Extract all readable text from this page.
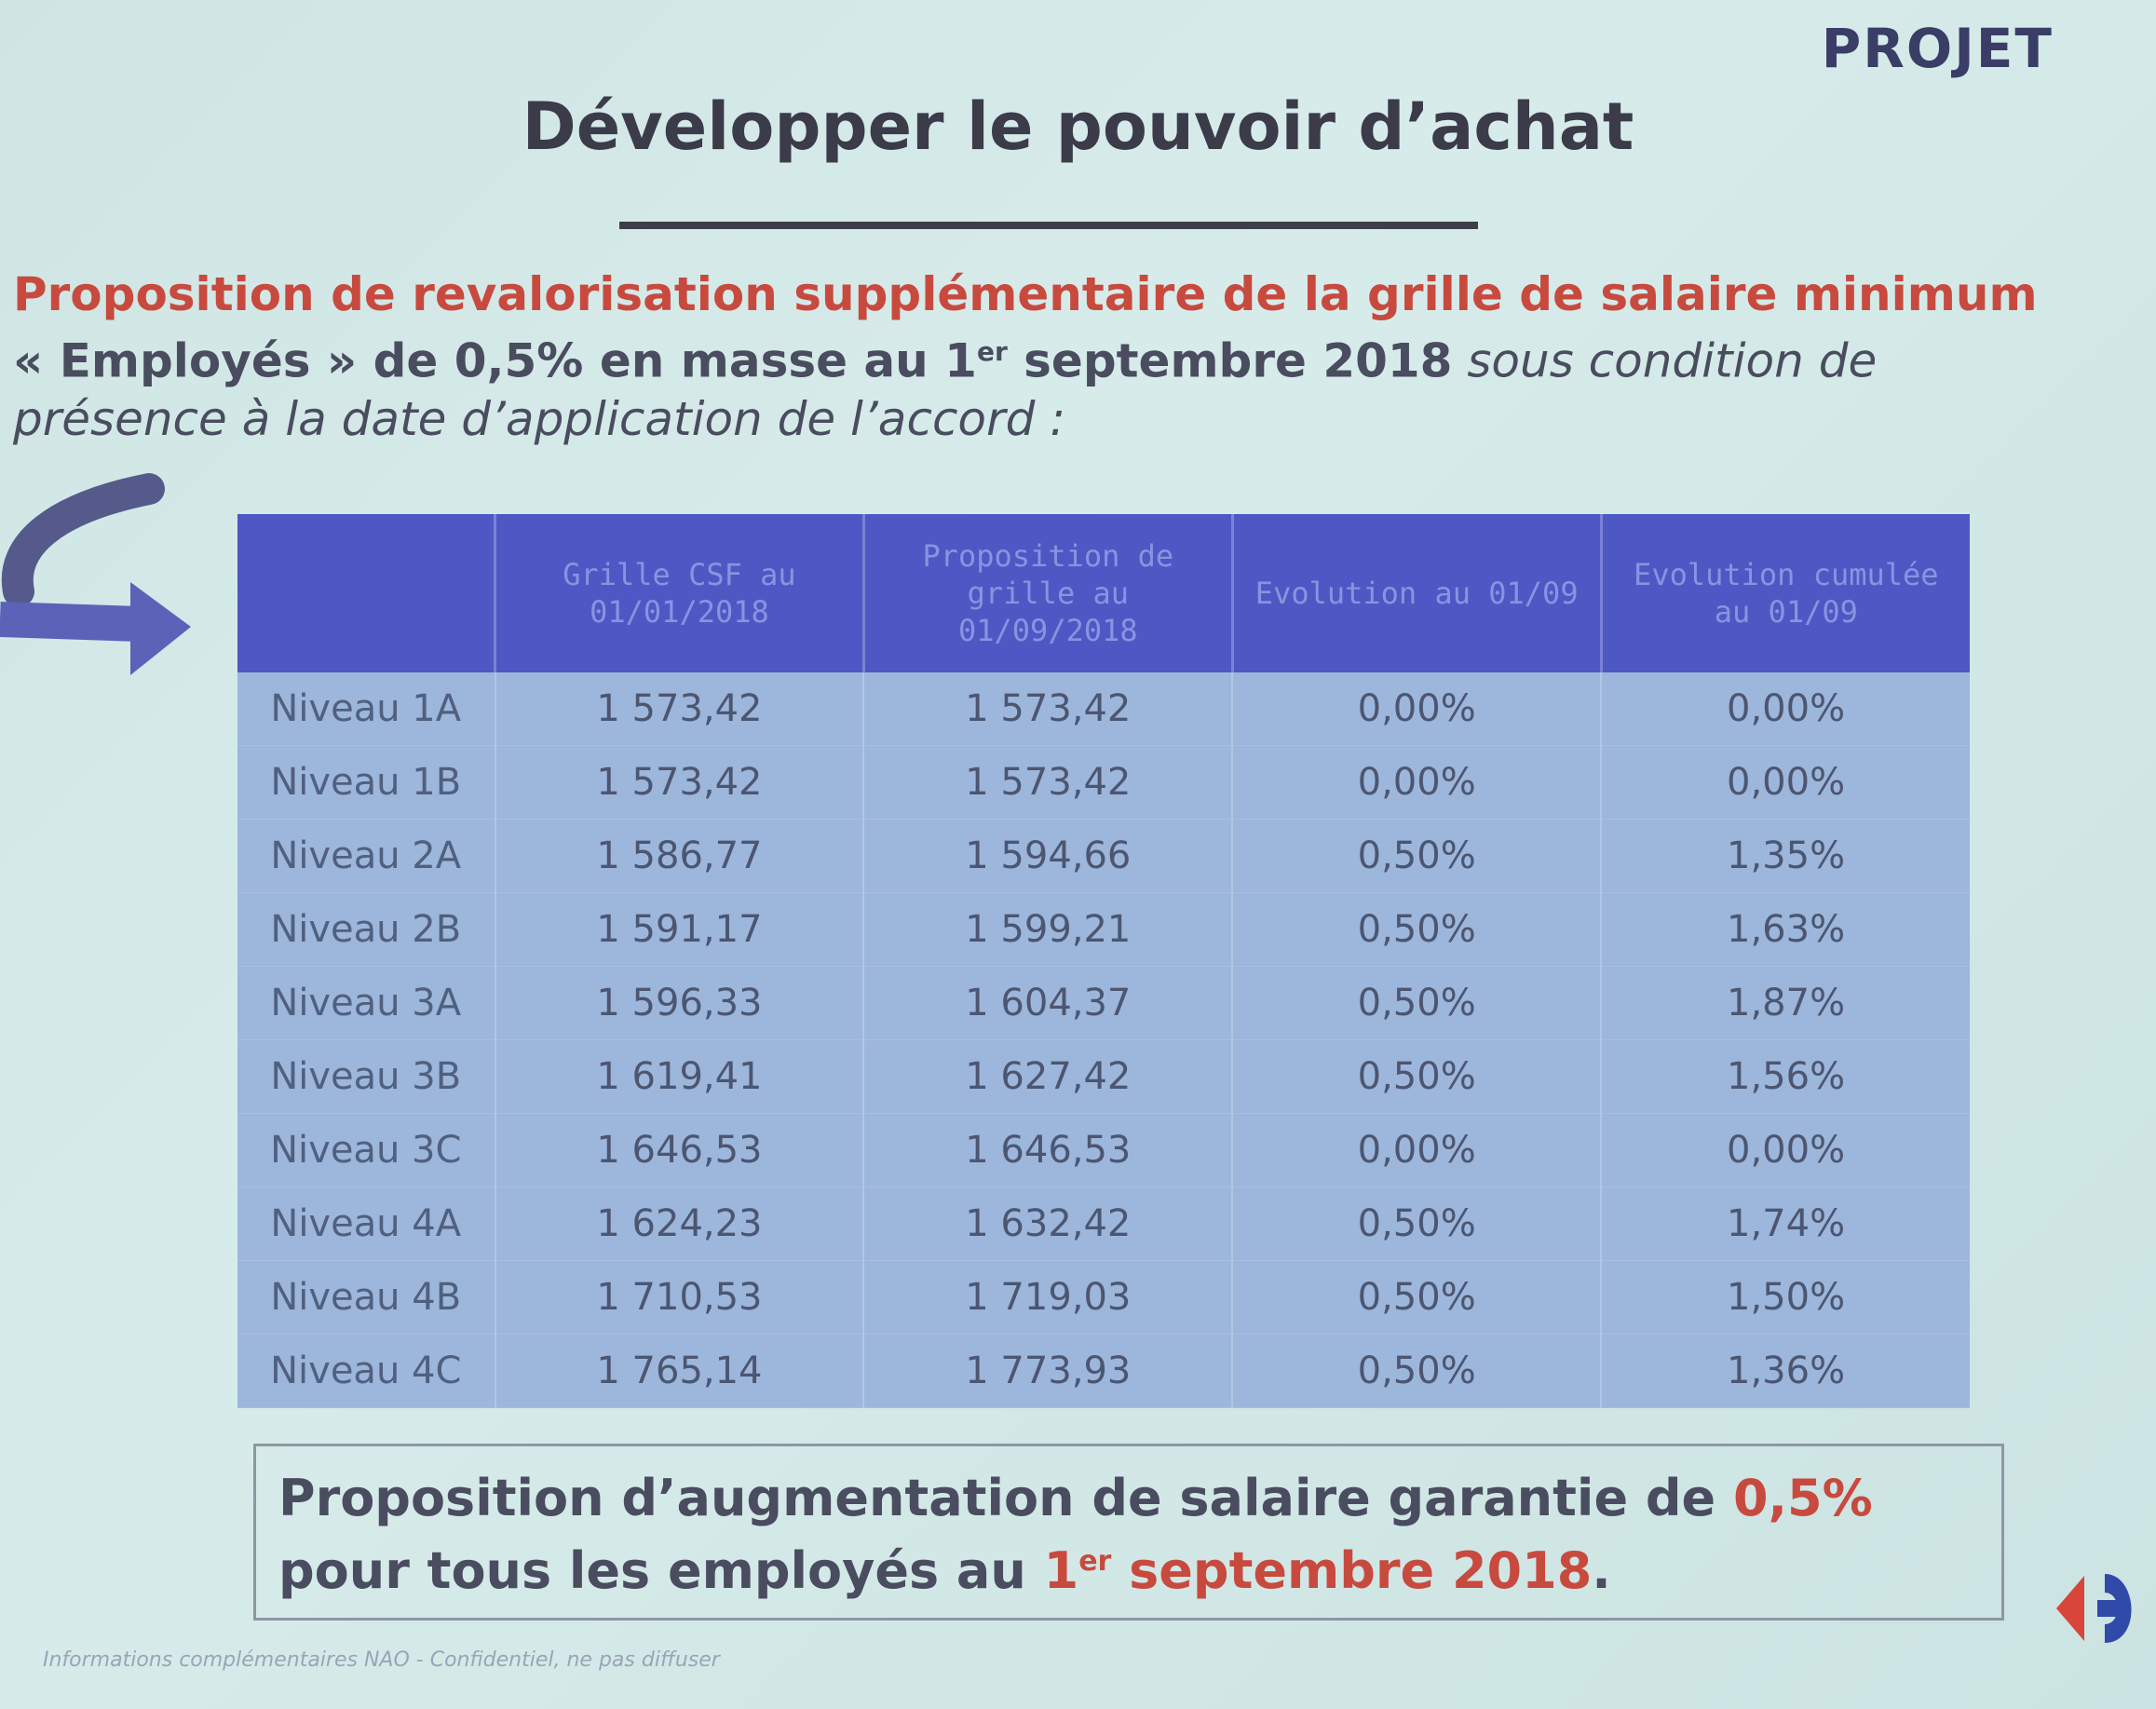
PROJET
Développer le pouvoir d’achat
Proposition de revalorisation supplémentaire de la grille de salaire minimum
« Employés » de 0,5% en masse au 1er septembre 2018 sous condition de
présence à la date d’application de l’accord :
	Grille CSF au 01/01/2018	Proposition de grille au 01/09/2018	Evolution au 01/09	Evolution cumulée au 01/09
Niveau 1A	1 573,42	1 573,42	0,00%	0,00%
Niveau 1B	1 573,42	1 573,42	0,00%	0,00%
Niveau 2A	1 586,77	1 594,66	0,50%	1,35%
Niveau 2B	1 591,17	1 599,21	0,50%	1,63%
Niveau 3A	1 596,33	1 604,37	0,50%	1,87%
Niveau 3B	1 619,41	1 627,42	0,50%	1,56%
Niveau 3C	1 646,53	1 646,53	0,00%	0,00%
Niveau 4A	1 624,23	1 632,42	0,50%	1,74%
Niveau 4B	1 710,53	1 719,03	0,50%	1,50%
Niveau 4C	1 765,14	1 773,93	0,50%	1,36%
Proposition d’augmentation de salaire garantie de 0,5% pour tous les employés au 1er septembre 2018.
Informations complémentaires NAO - Confidentiel, ne pas diffuser
